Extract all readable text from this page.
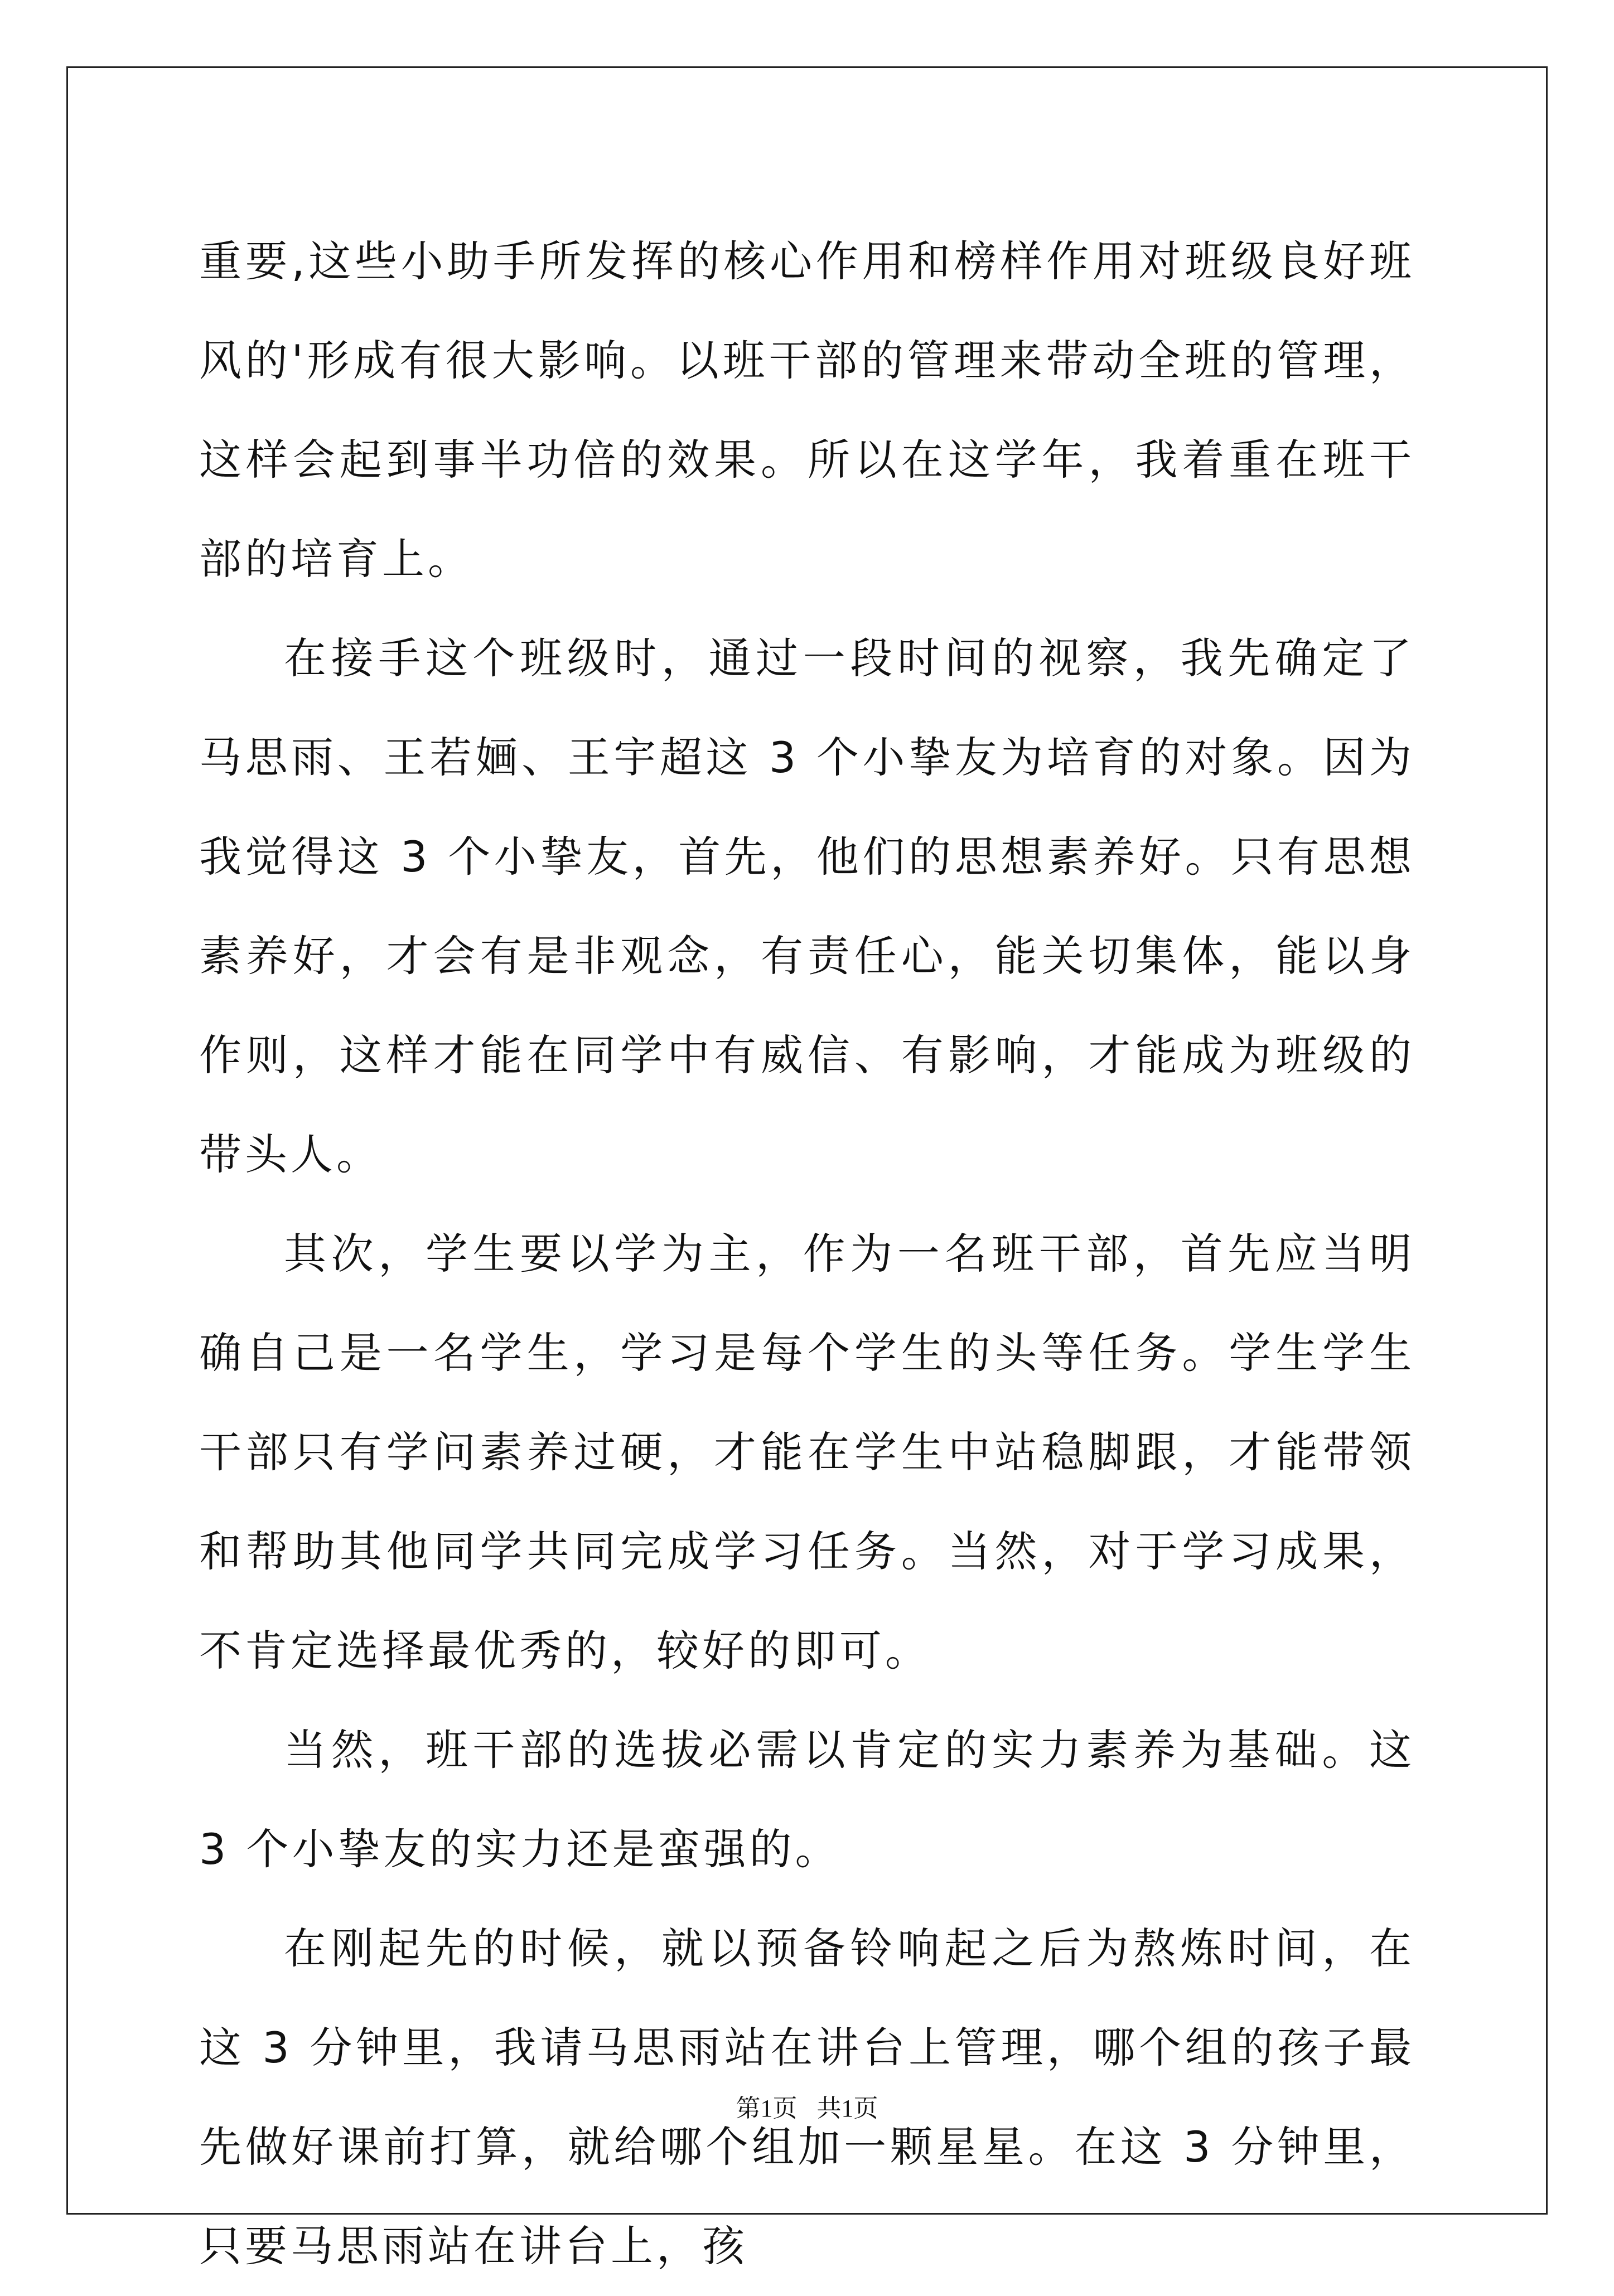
重要,这些小助手所发挥的核心作用和榜样作用对班级良好班风的'形成有很大影响。以班干部的管理来带动全班的管理，这样会起到事半功倍的效果。所以在这学年，我着重在班干部的培育上。

在接手这个班级时，通过一段时间的视察，我先确定了马思雨、王若婳、王宇超这 3 个小挚友为培育的对象。因为我觉得这 3 个小挚友，首先，他们的思想素养好。只有思想素养好，才会有是非观念，有责任心，能关切集体，能以身作则，这样才能在同学中有威信、有影响，才能成为班级的带头人。

其次，学生要以学为主，作为一名班干部，首先应当明确自己是一名学生，学习是每个学生的头等任务。学生学生干部只有学问素养过硬，才能在学生中站稳脚跟，才能带领和帮助其他同学共同完成学习任务。当然，对于学习成果，不肯定选择最优秀的，较好的即可。

当然，班干部的选拔必需以肯定的实力素养为基础。这 3 个小挚友的实力还是蛮强的。

在刚起先的时候，就以预备铃响起之后为熬炼时间，在这 3 分钟里，我请马思雨站在讲台上管理，哪个组的孩子最先做好课前打算，就给哪个组加一颗星星。在这 3 分钟里，只要马思雨站在讲台上，孩

第1页 共1页
